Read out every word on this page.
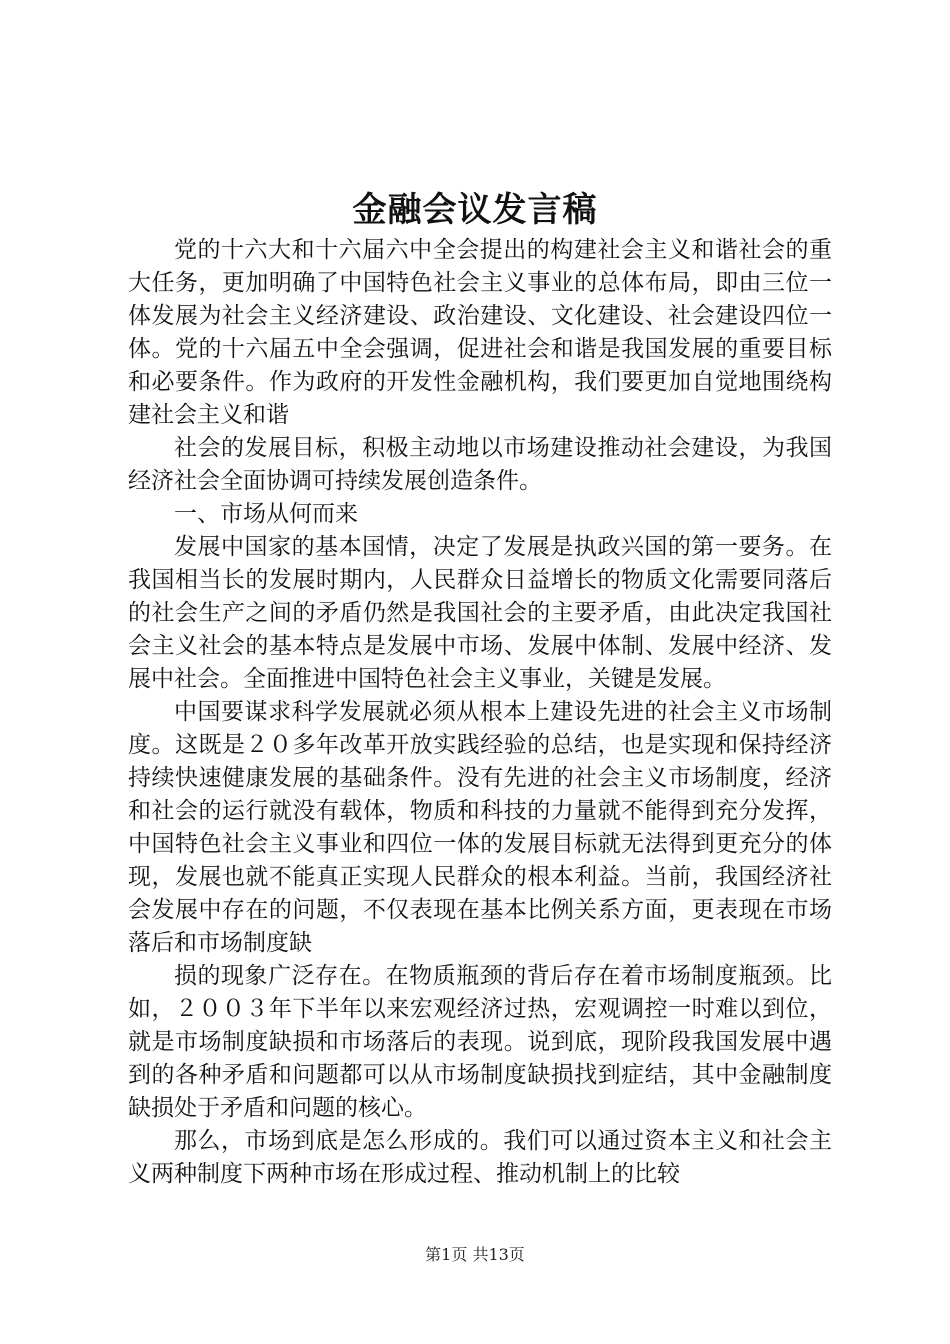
金融会议发言稿

党的十六大和十六届六中全会提出的构建社会主义和谐社会的重大任务，更加明确了中国特色社会主义事业的总体布局，即由三位一体发展为社会主义经济建设、政治建设、文化建设、社会建设四位一体。党的十六届五中全会强调，促进社会和谐是我国发展的重要目标和必要条件。作为政府的开发性金融机构，我们要更加自觉地围绕构建社会主义和谐

社会的发展目标，积极主动地以市场建设推动社会建设，为我国经济社会全面协调可持续发展创造条件。

一、市场从何而来

发展中国家的基本国情，决定了发展是执政兴国的第一要务。在我国相当长的发展时期内，人民群众日益增长的物质文化需要同落后的社会生产之间的矛盾仍然是我国社会的主要矛盾，由此决定我国社会主义社会的基本特点是发展中市场、发展中体制、发展中经济、发展中社会。全面推进中国特色社会主义事业，关键是发展。

中国要谋求科学发展就必须从根本上建设先进的社会主义市场制度。这既是２０多年改革开放实践经验的总结，也是实现和保持经济持续快速健康发展的基础条件。没有先进的社会主义市场制度，经济和社会的运行就没有载体，物质和科技的力量就不能得到充分发挥，中国特色社会主义事业和四位一体的发展目标就无法得到更充分的体现，发展也就不能真正实现人民群众的根本利益。当前，我国经济社会发展中存在的问题，不仅表现在基本比例关系方面，更表现在市场落后和市场制度缺

损的现象广泛存在。在物质瓶颈的背后存在着市场制度瓶颈。比如，２００３年下半年以来宏观经济过热，宏观调控一时难以到位，就是市场制度缺损和市场落后的表现。说到底，现阶段我国发展中遇到的各种矛盾和问题都可以从市场制度缺损找到症结，其中金融制度缺损处于矛盾和问题的核心。

那么，市场到底是怎么形成的。我们可以通过资本主义和社会主义两种制度下两种市场在形成过程、推动机制上的比较

第1页 共13页
